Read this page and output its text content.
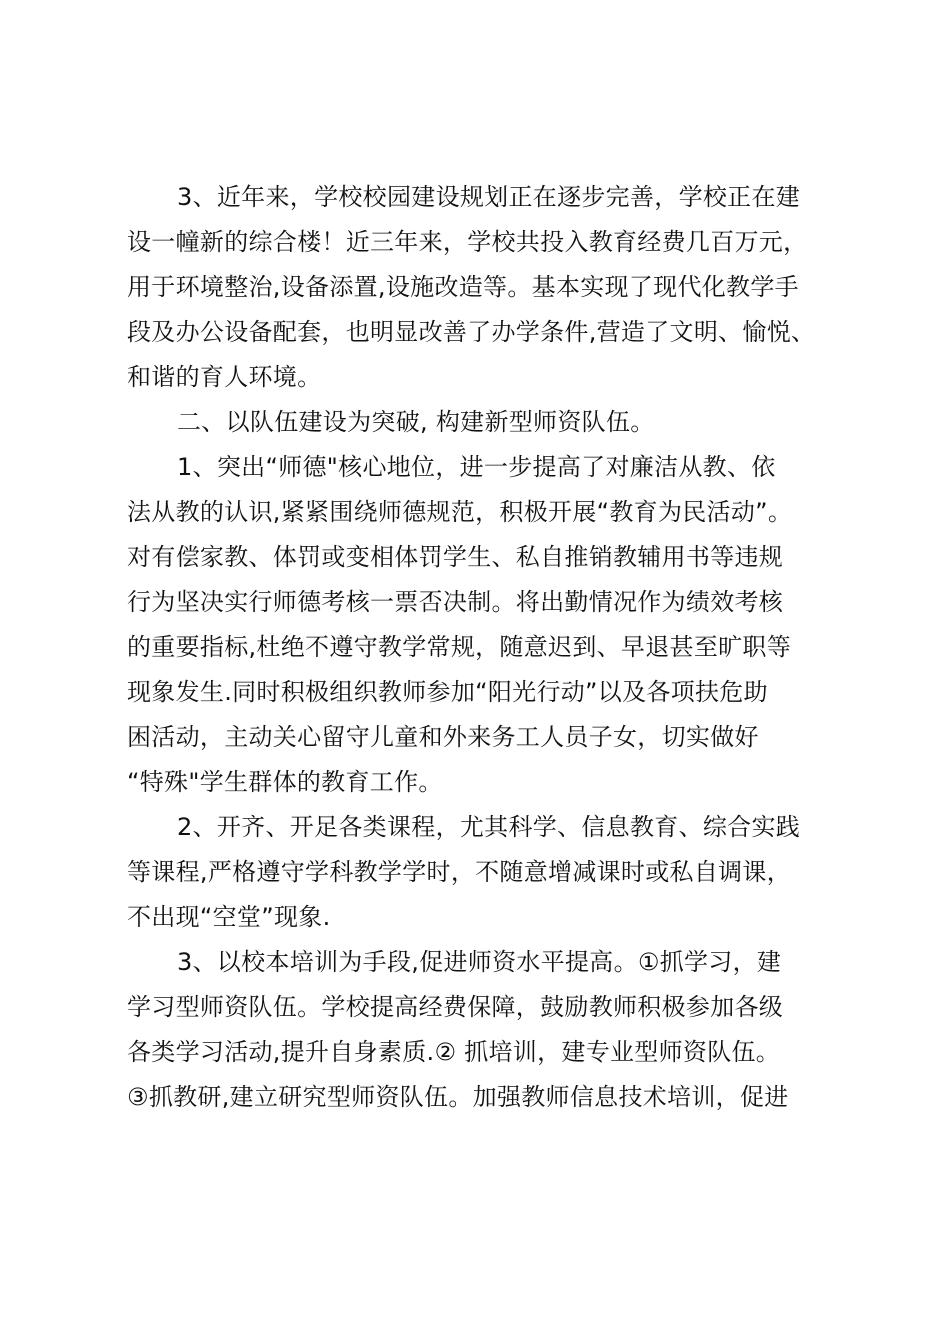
3、近年来，学校校园建设规划正在逐步完善，学校正在建
设一幢新的综合楼！近三年来，学校共投入教育经费几百万元，
用于环境整治,设备添置,设施改造等。基本实现了现代化教学手
段及办公设备配套，也明显改善了办学条件,营造了文明、愉悦、
和谐的育人环境。
二、以队伍建设为突破, 构建新型师资队伍。
1、突出“师德"核心地位，进一步提高了对廉洁从教、依
法从教的认识,紧紧围绕师德规范，积极开展“教育为民活动”。
对有偿家教、体罚或变相体罚学生、私自推销教辅用书等违规
行为坚决实行师德考核一票否决制。将出勤情况作为绩效考核
的重要指标,杜绝不遵守教学常规，随意迟到、早退甚至旷职等
现象发生.同时积极组织教师参加“阳光行动”以及各项扶危助
困活动，主动关心留守儿童和外来务工人员子女，切实做好
“特殊"学生群体的教育工作。
2、开齐、开足各类课程，尤其科学、信息教育、综合实践
等课程,严格遵守学科教学学时，不随意增减课时或私自调课，
不出现“空堂”现象.
3、以校本培训为手段,促进师资水平提高。①抓学习，建
学习型师资队伍。学校提高经费保障，鼓励教师积极参加各级
各类学习活动,提升自身素质.② 抓培训，建专业型师资队伍。
③抓教研,建立研究型师资队伍。加强教师信息技术培训，促进
